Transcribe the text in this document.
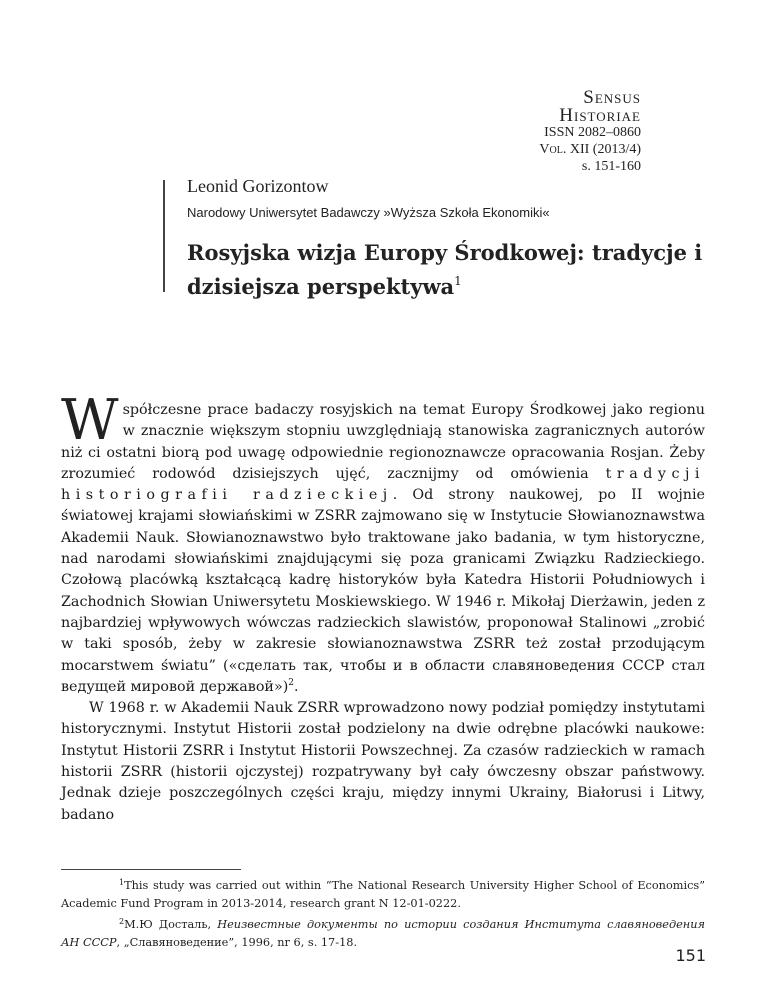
Sensus
Historiae
ISSN 2082–0860
Vol. XII (2013/4)
s. 151-160
Leonid Gorizontow
Narodowy Uniwersytet Badawczy »Wyższa Szkoła Ekonomiki«
Rosyjska wizja Europy Środkowej: tradycje i dzisiejsza perspektywa$^1$

Współczesne prace badaczy rosyjskich na temat Europy Środkowej jako regionu w znacznie większym stopniu uwzględniają stanowiska zagranicznych autorów niż ci ostatni biorą pod uwagę odpowiednie regionoznawcze opracowania Rosjan. Żeby zrozumieć rodowód dzisiejszych ujęć, zacznijmy od omówienia tradycji historiografii radzieckiej. Od strony naukowej, po II wojnie światowej krajami słowiańskimi w ZSRR zajmowano się w Instytucie Słowianoznawstwa Akademii Nauk. Słowianoznawstwo było traktowane jako badania, w tym historyczne, nad narodami słowiańskimi znajdującymi się poza granicami Związku Radzieckiego. Czołową placówką kształcącą kadrę historyków była Katedra Historii Południowych i Zachodnich Słowian Uniwersytetu Moskiewskiego. W 1946 r. Mikołaj Dierżawin, jeden z najbardziej wpływowych wówczas radzieckich slawistów, proponował Stalinowi „zrobić w taki sposób, żeby w zakresie słowianoznawstwa ZSRR też został przodującym mocarstwem światu” («сделать так, чтобы и в области славяноведения СССР стал ведущей мировой державой»)$^2$.

W 1968 r. w Akademii Nauk ZSRR wprowadzono nowy podział pomiędzy instytutami historycznymi. Instytut Historii został podzielony na dwie odrębne placówki naukowe: Instytut Historii ZSRR i Instytut Historii Powszechnej. Za czasów radzieckich w ramach historii ZSRR (historii ojczystej) rozpatrywany był cały ówczesny obszar państwowy. Jednak dzieje poszczególnych części kraju, między innymi Ukrainy, Białorusi i Litwy, badano

$^1$This study was carried out within “The National Research University Higher School of Economics” Academic Fund Program in 2013-2014, research grant N 12-01-0222.

$^2$М.Ю Досталь, Неизвестные документы по истории создания Института славяноведения АН СССР, „Славяноведение”, 1996, nr 6, s. 17-18.

151
